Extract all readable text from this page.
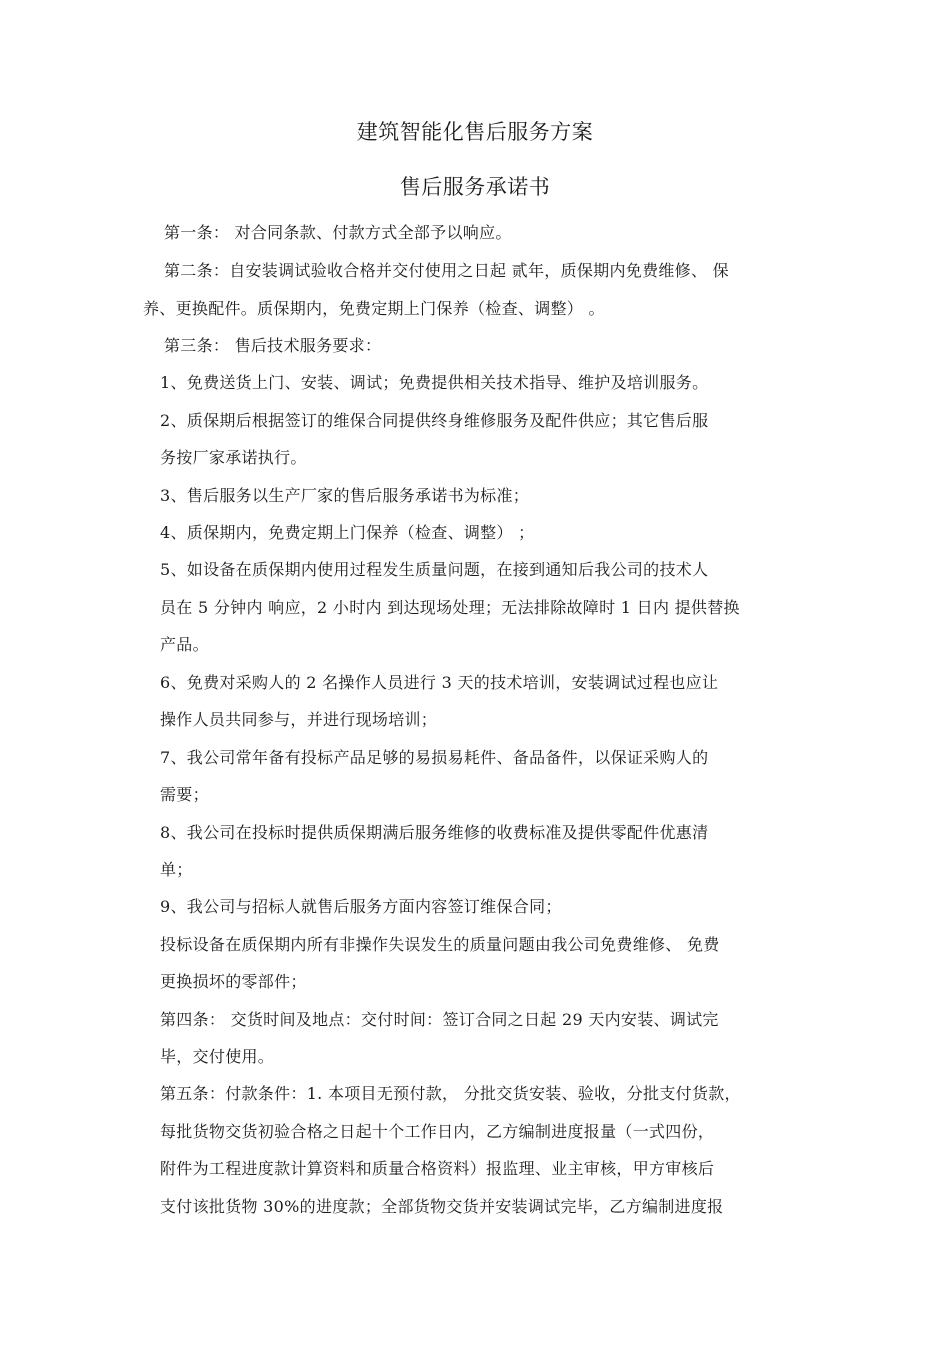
建筑智能化售后服务方案
售后服务承诺书
第一条： 对合同条款、付款方式全部予以响应。
第二条：自安装调试验收合格并交付使用之日起 贰年，质保期内免费维修、 保
养、更换配件。质保期内，免费定期上门保养（检查、调整） 。
第三条： 售后技术服务要求：
1、免费送货上门、安装、调试；免费提供相关技术指导、维护及培训服务。
2、质保期后根据签订的维保合同提供终身维修服务及配件供应；其它售后服
务按厂家承诺执行。
3、售后服务以生产厂家的售后服务承诺书为标准；
4、质保期内，免费定期上门保养（检查、调整） ；
5、如设备在质保期内使用过程发生质量问题，在接到通知后我公司的技术人
员在 5 分钟内 响应，2 小时内 到达现场处理；无法排除故障时 1 日内 提供替换
产品。
6、免费对采购人的 2 名操作人员进行 3 天的技术培训，安装调试过程也应让
操作人员共同参与，并进行现场培训；
7、我公司常年备有投标产品足够的易损易耗件、备品备件，以保证采购人的
需要；
8、我公司在投标时提供质保期满后服务维修的收费标准及提供零配件优惠清
单；
9、我公司与招标人就售后服务方面内容签订维保合同；
投标设备在质保期内所有非操作失误发生的质量问题由我公司免费维修、 免费
更换损坏的零部件；
第四条： 交货时间及地点：交付时间：签订合同之日起 29 天内安装、调试完
毕，交付使用。
第五条：付款条件：1. 本项目无预付款， 分批交货安装、验收，分批支付货款，
每批货物交货初验合格之日起十个工作日内，乙方编制进度报量（一式四份，
附件为工程进度款计算资料和质量合格资料）报监理、业主审核，甲方审核后
支付该批货物 30%的进度款；全部货物交货并安装调试完毕，乙方编制进度报
